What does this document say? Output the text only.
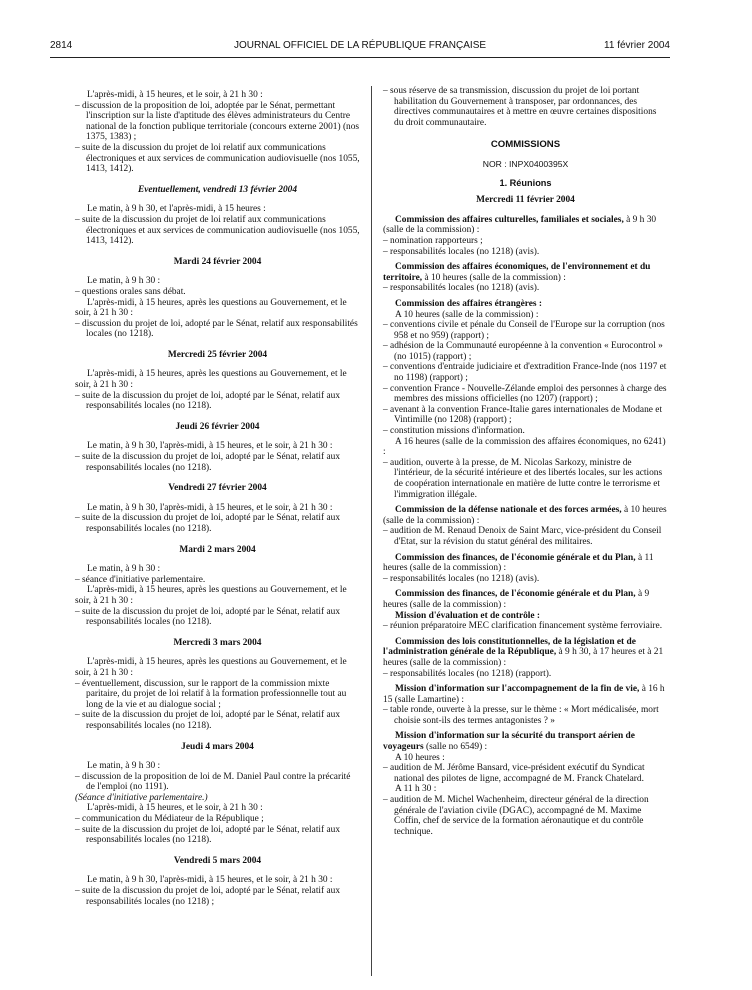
2814	JOURNAL OFFICIEL DE LA RÉPUBLIQUE FRANÇAISE	11 février 2004

L'après-midi, à 15 heures, et le soir, à 21 h 30 :

– discussion de la proposition de loi, adoptée par le Sénat, permettant l'inscription sur la liste d'aptitude des élèves administrateurs du Centre national de la fonction publique territoriale (concours externe 2001) (nos 1375, 1383) ;

– suite de la discussion du projet de loi relatif aux communications électroniques et aux services de communication audiovisuelle (nos 1055, 1413, 1412).

Eventuellement, vendredi 13 février 2004

Le matin, à 9 h 30, et l'après-midi, à 15 heures :

– suite de la discussion du projet de loi relatif aux communications électroniques et aux services de communication audiovisuelle (nos 1055, 1413, 1412).

Mardi 24 février 2004

Le matin, à 9 h 30 :

– questions orales sans débat.

L'après-midi, à 15 heures, après les questions au Gouvernement, et le soir, à 21 h 30 :

– discussion du projet de loi, adopté par le Sénat, relatif aux responsabilités locales (no 1218).

Mercredi 25 février 2004

L'après-midi, à 15 heures, après les questions au Gouvernement, et le soir, à 21 h 30 :

– suite de la discussion du projet de loi, adopté par le Sénat, relatif aux responsabilités locales (no 1218).

Jeudi 26 février 2004

Le matin, à 9 h 30, l'après-midi, à 15 heures, et le soir, à 21 h 30 :

– suite de la discussion du projet de loi, adopté par le Sénat, relatif aux responsabilités locales (no 1218).

Vendredi 27 février 2004

Le matin, à 9 h 30, l'après-midi, à 15 heures, et le soir, à 21 h 30 :

– suite de la discussion du projet de loi, adopté par le Sénat, relatif aux responsabilités locales (no 1218).

Mardi 2 mars 2004

Le matin, à 9 h 30 :

– séance d'initiative parlementaire.

L'après-midi, à 15 heures, après les questions au Gouvernement, et le soir, à 21 h 30 :

– suite de la discussion du projet de loi, adopté par le Sénat, relatif aux responsabilités locales (no 1218).

Mercredi 3 mars 2004

L'après-midi, à 15 heures, après les questions au Gouvernement, et le soir, à 21 h 30 :

– éventuellement, discussion, sur le rapport de la commission mixte paritaire, du projet de loi relatif à la formation professionnelle tout au long de la vie et au dialogue social ;

– suite de la discussion du projet de loi, adopté par le Sénat, relatif aux responsabilités locales (no 1218).

Jeudi 4 mars 2004

Le matin, à 9 h 30 :

– discussion de la proposition de loi de M. Daniel Paul contre la précarité de l'emploi (no 1191).

(Séance d'initiative parlementaire.)

L'après-midi, à 15 heures, et le soir, à 21 h 30 :

– communication du Médiateur de la République ;

– suite de la discussion du projet de loi, adopté par le Sénat, relatif aux responsabilités locales (no 1218).

Vendredi 5 mars 2004

Le matin, à 9 h 30, l'après-midi, à 15 heures, et le soir, à 21 h 30 :

– suite de la discussion du projet de loi, adopté par le Sénat, relatif aux responsabilités locales (no 1218) ;

– sous réserve de sa transmission, discussion du projet de loi portant habilitation du Gouvernement à transposer, par ordonnances, des directives communautaires et à mettre en œuvre certaines dispositions du droit communautaire.

COMMISSIONS

NOR : INPX0400395X

1. Réunions

Mercredi 11 février 2004

Commission des affaires culturelles, familiales et sociales, à 9 h 30 (salle de la commission) :

– nomination rapporteurs ;

– responsabilités locales (no 1218) (avis).

Commission des affaires économiques, de l'environnement et du territoire, à 10 heures (salle de la commission) :

– responsabilités locales (no 1218) (avis).

Commission des affaires étrangères :

A 10 heures (salle de la commission) :

– conventions civile et pénale du Conseil de l'Europe sur la corruption (nos 958 et no 959) (rapport) ;

– adhésion de la Communauté européenne à la convention « Eurocontrol » (no 1015) (rapport) ;

– conventions d'entraide judiciaire et d'extradition France-Inde (nos 1197 et no 1198) (rapport) ;

– convention France - Nouvelle-Zélande emploi des personnes à charge des membres des missions officielles (no 1207) (rapport) ;

– avenant à la convention France-Italie gares internationales de Modane et Vintimille (no 1208) (rapport) ;

– constitution missions d'information.

A 16 heures (salle de la commission des affaires économiques, no 6241) :

– audition, ouverte à la presse, de M. Nicolas Sarkozy, ministre de l'intérieur, de la sécurité intérieure et des libertés locales, sur les actions de coopération internationale en matière de lutte contre le terrorisme et l'immigration illégale.

Commission de la défense nationale et des forces armées, à 10 heures (salle de la commission) :

– audition de M. Renaud Denoix de Saint Marc, vice-président du Conseil d'Etat, sur la révision du statut général des militaires.

Commission des finances, de l'économie générale et du Plan, à 11 heures (salle de la commission) :

– responsabilités locales (no 1218) (avis).

Commission des finances, de l'économie générale et du Plan, à 9 heures (salle de la commission) :

Mission d'évaluation et de contrôle :

– réunion préparatoire MEC clarification financement système ferroviaire.

Commission des lois constitutionnelles, de la législation et de l'administration générale de la République, à 9 h 30, à 17 heures et à 21 heures (salle de la commission) :

– responsabilités locales (no 1218) (rapport).

Mission d'information sur l'accompagnement de la fin de vie, à 16 h 15 (salle Lamartine) :

– table ronde, ouverte à la presse, sur le thème : « Mort médicalisée, mort choisie sont-ils des termes antagonistes ? »

Mission d'information sur la sécurité du transport aérien de voyageurs (salle no 6549) :

A 10 heures :

– audition de M. Jérôme Bansard, vice-président exécutif du Syndicat national des pilotes de ligne, accompagné de M. Franck Chatelard.

A 11 h 30 :

– audition de M. Michel Wachenheim, directeur général de la direction générale de l'aviation civile (DGAC), accompagné de M. Maxime Coffin, chef de service de la formation aéronautique et du contrôle technique.
